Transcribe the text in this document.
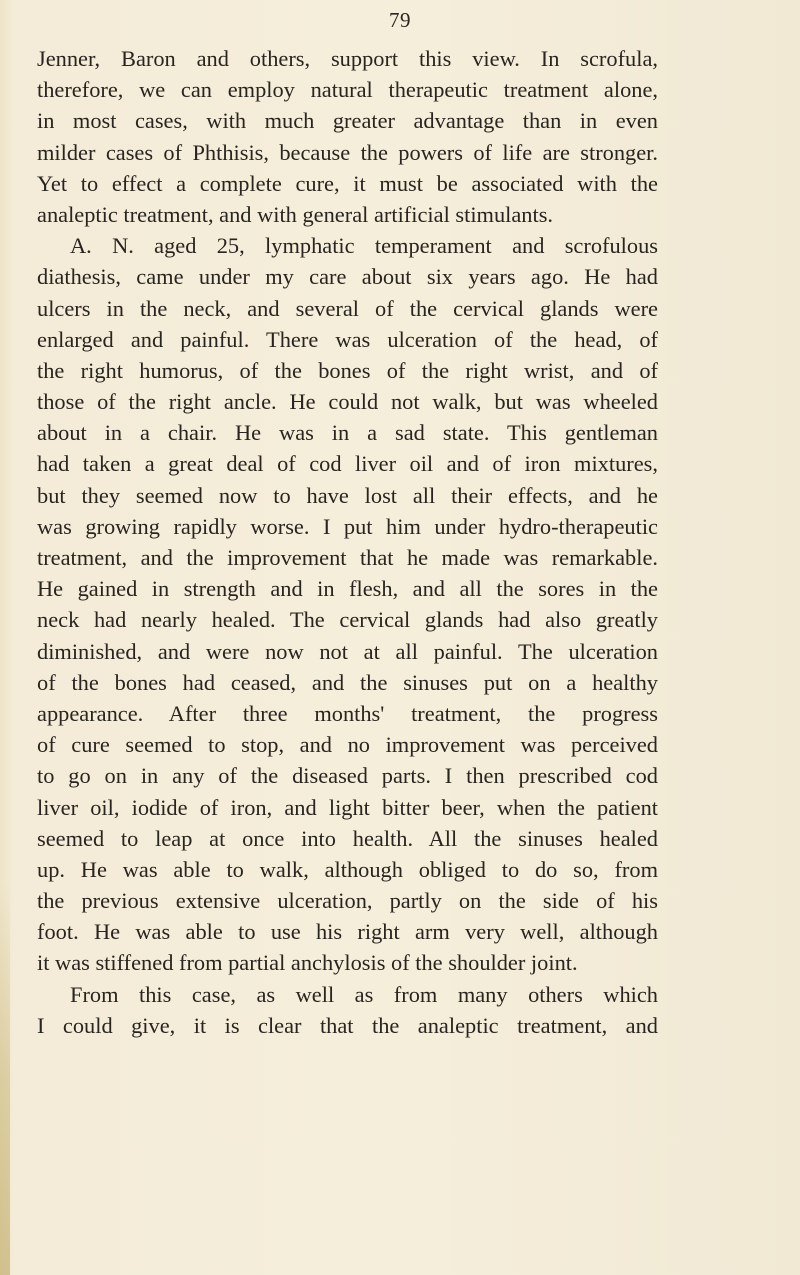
79
Jenner, Baron and others, support this view. In scrofula,
therefore, we can employ natural therapeutic treatment alone,
in most cases, with much greater advantage than in even
milder cases of Phthisis, because the powers of life are stronger.
Yet to effect a complete cure, it must be associated with the
analeptic treatment, and with general artificial stimulants.
A. N. aged 25, lymphatic temperament and scrofulous
diathesis, came under my care about six years ago. He had
ulcers in the neck, and several of the cervical glands were
enlarged and painful. There was ulceration of the head, of
the right humorus, of the bones of the right wrist, and of
those of the right ancle. He could not walk, but was wheeled
about in a chair. He was in a sad state. This gentleman
had taken a great deal of cod liver oil and of iron mixtures,
but they seemed now to have lost all their effects, and he
was growing rapidly worse. I put him under hydro-therapeutic
treatment, and the improvement that he made was remarkable.
He gained in strength and in flesh, and all the sores in the
neck had nearly healed. The cervical glands had also greatly
diminished, and were now not at all painful. The ulceration
of the bones had ceased, and the sinuses put on a healthy
appearance. After three months' treatment, the progress
of cure seemed to stop, and no improvement was perceived
to go on in any of the diseased parts. I then prescribed cod
liver oil, iodide of iron, and light bitter beer, when the patient
seemed to leap at once into health. All the sinuses healed
up. He was able to walk, although obliged to do so, from
the previous extensive ulceration, partly on the side of his
foot. He was able to use his right arm very well, although
it was stiffened from partial anchylosis of the shoulder joint.
From this case, as well as from many others which
I could give, it is clear that the analeptic treatment, and
